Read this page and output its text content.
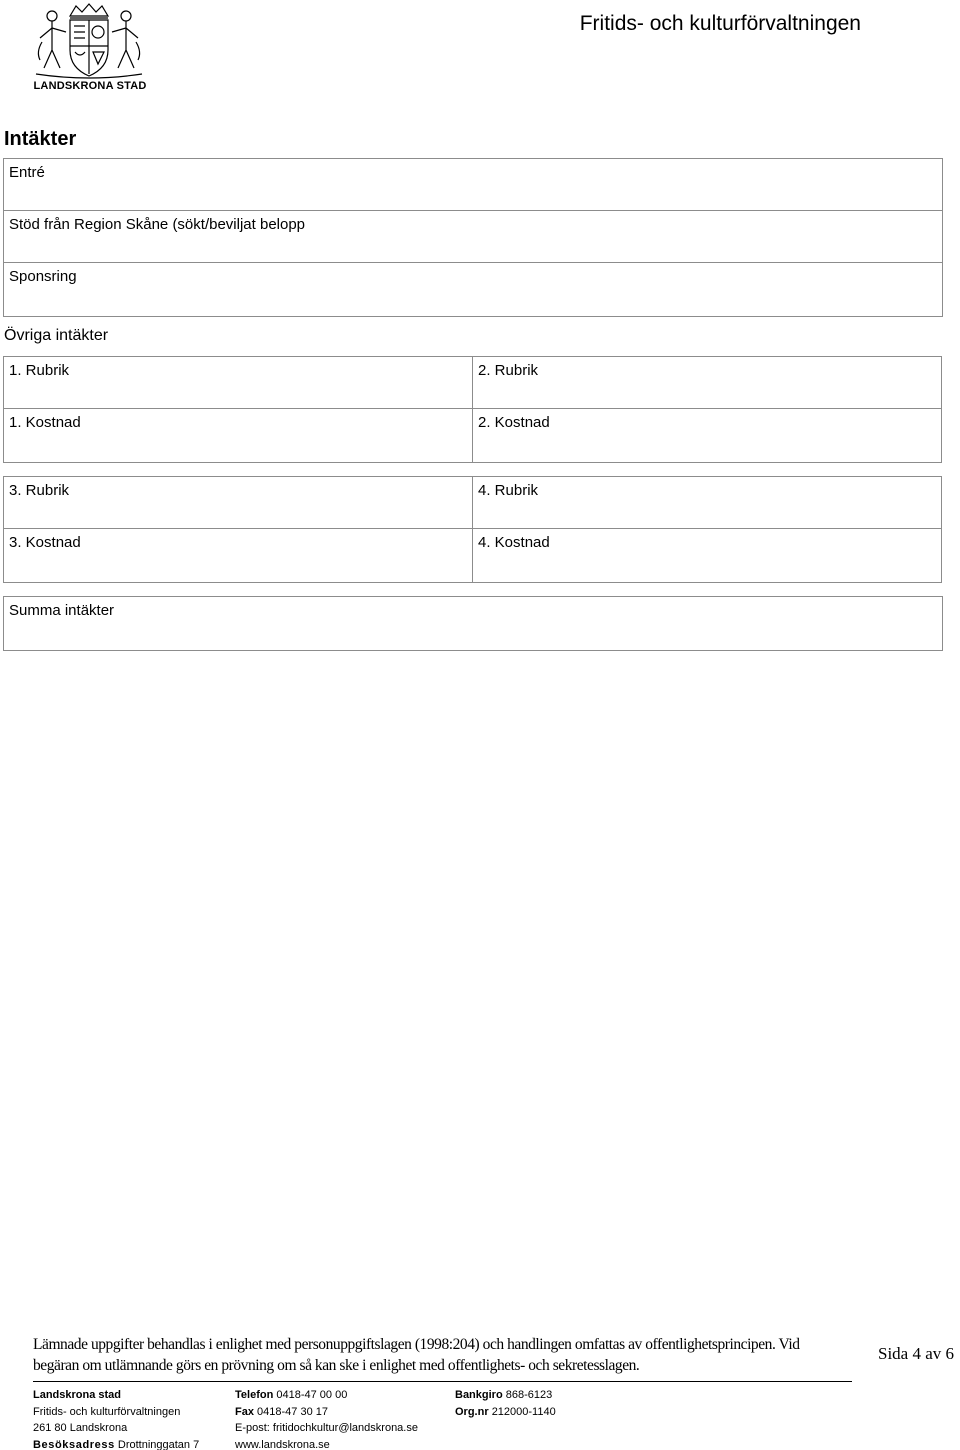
LANDSKRONA STAD
Fritids- och kulturförvaltningen
Intäkter
Entré
Stöd från Region Skåne (sökt/beviljat belopp
Sponsring
Övriga intäkter
1. Rubrik	2. Rubrik
1. Kostnad	2. Kostnad
3. Rubrik	4. Rubrik
3. Kostnad	4. Kostnad
Summa intäkter
Lämnade uppgifter behandlas i enlighet med personuppgiftslagen (1998:204) och handlingen omfattas av offentlighetsprincipen. Vid
begäran om utlämnande görs en prövning om så kan ske i enlighet med offentlighets- och sekretesslagen.
Sida 4 av 6
Landskrona stad
Fritids- och kulturförvaltningen
261 80 Landskrona
Besöksadress Drottninggatan 7
Telefon 0418-47 00 00
Fax 0418-47 30 17
E-post: fritidochkultur@landskrona.se
www.landskrona.se
Bankgiro 868-6123
Org.nr 212000-1140
